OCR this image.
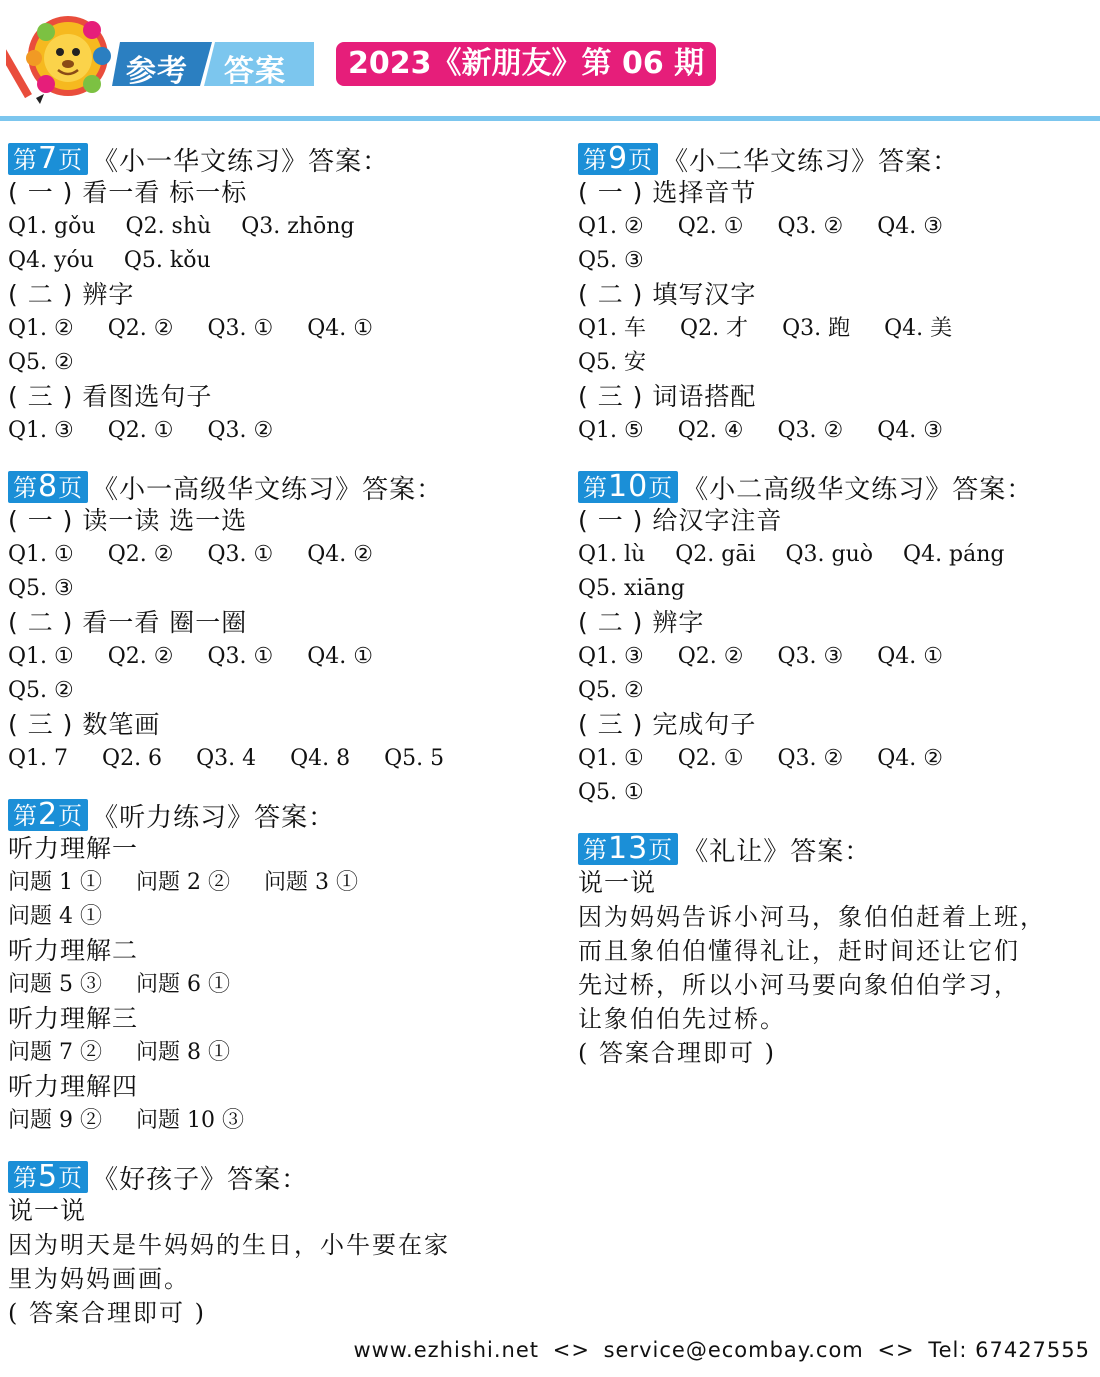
参考 答案	2023《新朋友》第 06 期
第7页 《小一华文练习》答案：
( 一 ) 看一看 标一标
Q1. gǒu Q2. shù Q3. zhōng
Q4. yóu Q5. kǒu
( 二 ) 辨字
Q1. ② Q2. ② Q3. ① Q4. ①
Q5. ②
( 三 ) 看图选句子
Q1. ③ Q2. ① Q3. ②
第8页 《小一高级华文练习》答案：
( 一 ) 读一读 选一选
Q1. ① Q2. ② Q3. ① Q4. ②
Q5. ③
( 二 ) 看一看 圈一圈
Q1. ① Q2. ② Q3. ① Q4. ①
Q5. ②
( 三 ) 数笔画
Q1. 7 Q2. 6 Q3. 4 Q4. 8 Q5. 5
第2页 《听力练习》答案：
听力理解一
问题 1 ① 问题 2 ② 问题 3 ①
问题 4 ①
听力理解二
问题 5 ③ 问题 6 ①
听力理解三
问题 7 ② 问题 8 ①
听力理解四
问题 9 ② 问题 10 ③
第5页 《好孩子》答案：
说一说
因为明天是牛妈妈的生日，小牛要在家
里为妈妈画画。
( 答案合理即可 )
第9页 《小二华文练习》答案：
( 一 ) 选择音节
Q1. ② Q2. ① Q3. ② Q4. ③
Q5. ③
( 二 ) 填写汉字
Q1. 车 Q2. 才 Q3. 跑 Q4. 美
Q5. 安
( 三 ) 词语搭配
Q1. ⑤ Q2. ④ Q3. ② Q4. ③
第10页 《小二高级华文练习》答案：
( 一 ) 给汉字注音
Q1. lù Q2. gāi Q3. guò Q4. páng
Q5. xiāng
( 二 ) 辨字
Q1. ③ Q2. ② Q3. ③ Q4. ①
Q5. ②
( 三 ) 完成句子
Q1. ① Q2. ① Q3. ② Q4. ②
Q5. ①
第13页 《礼让》答案：
说一说
因为妈妈告诉小河马，象伯伯赶着上班，
而且象伯伯懂得礼让，赶时间还让它们
先过桥，所以小河马要向象伯伯学习，
让象伯伯先过桥。
( 答案合理即可 )
www.ezhishi.net <> service@ecombay.com <> Tel: 67427555
